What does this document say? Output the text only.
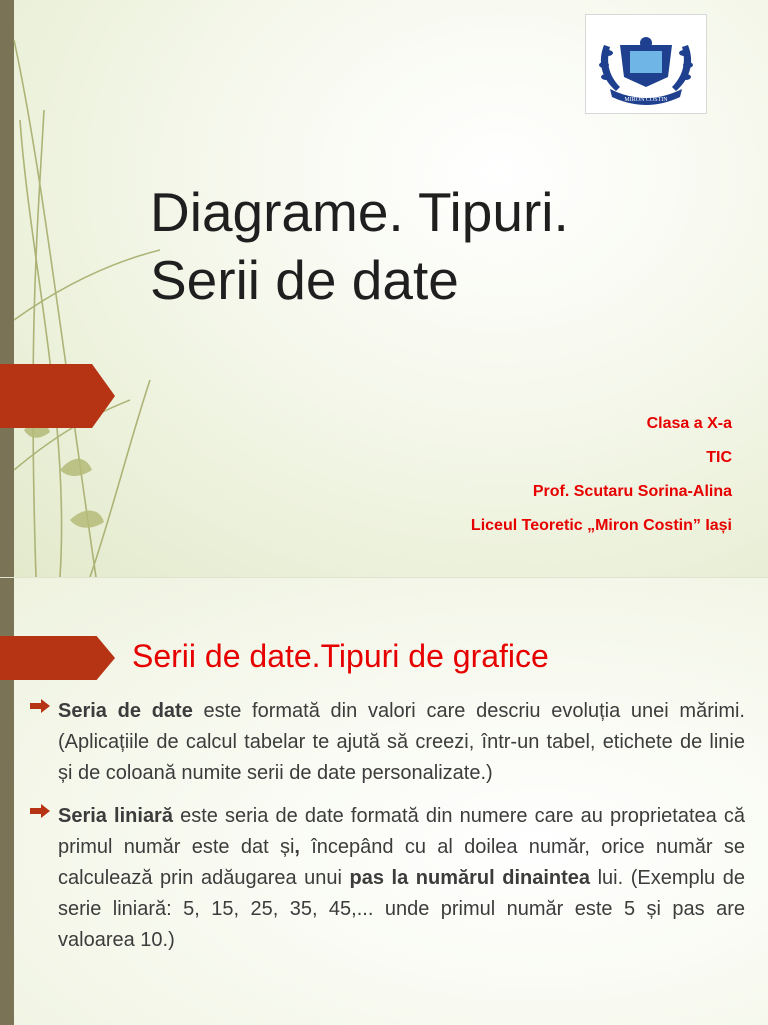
MIRON COSTIN
Diagrame. Tipuri.
Serii de date
Clasa a X-a
TIC
Prof. Scutaru Sorina-Alina
Liceul Teoretic „Miron Costin” Iași
Serii de date.Tipuri de grafice
Seria de date este formată din valori care descriu evoluția unei mărimi. (Aplicațiile de calcul tabelar te ajută să creezi, într-un tabel, etichete de linie și de coloană numite serii de date personalizate.)
Seria liniară este seria de date formată din numere care au proprietatea că primul număr este dat și, începând cu al doilea număr, orice număr se calculează prin adăugarea unui pas la numărul dinaintea lui. (Exemplu de serie liniară: 5, 15, 25, 35, 45,... unde primul număr este 5 și pas are valoarea 10.)
